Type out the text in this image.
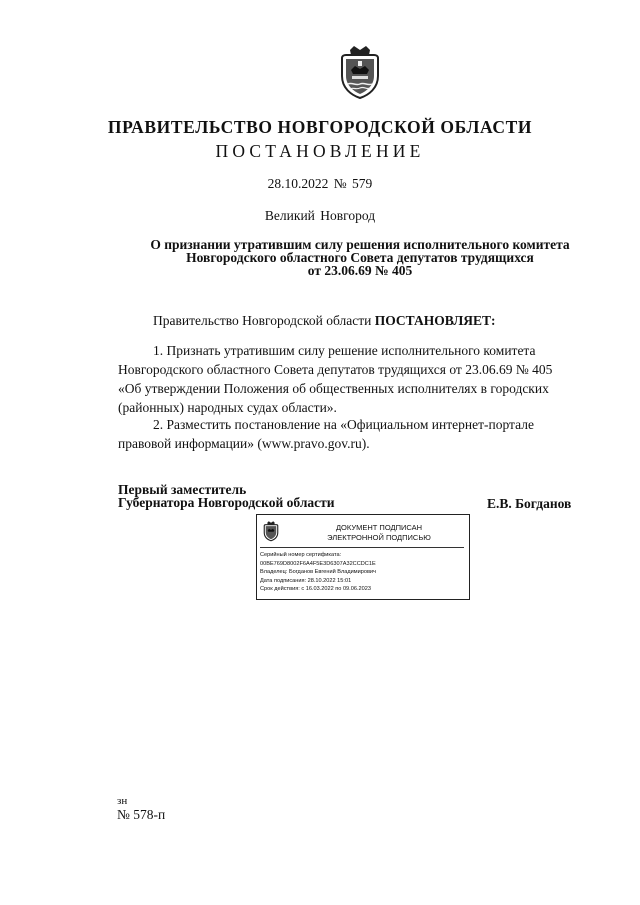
ПРАВИТЕЛЬСТВО НОВГОРОДСКОЙ ОБЛАСТИ
ПОСТАНОВЛЕНИЕ
28.10.2022 № 579
Великий Новгород
О признании утратившим силу решения исполнительного комитета
Новгородского областного Совета депутатов трудящихся
от 23.06.69 № 405
Правительство Новгородской области ПОСТАНОВЛЯЕТ:
1. Признать утратившим силу решение исполнительного комитета
Новгородского областного Совета депутатов трудящихся от 23.06.69 № 405
«Об утверждении Положения об общественных исполнителях в городских
(районных) народных судах области».
2. Разместить постановление на «Официальном интернет-портале
правовой информации» (www.pravo.gov.ru).
Первый заместитель
Губернатора Новгородской области	Е.В. Богданов
ДОКУМЕНТ ПОДПИСАН
ЭЛЕКТРОННОЙ ПОДПИСЬЮ
Серийный номер сертификата:
00BE769D8002F6A4F5E3D6307A32CCDC1E
Владелец: Богданов Евгений Владимирович
Дата подписания: 28.10.2022 15:01
Срок действия: с 16.03.2022 по 09.06.2023
зн
№ 578-п
